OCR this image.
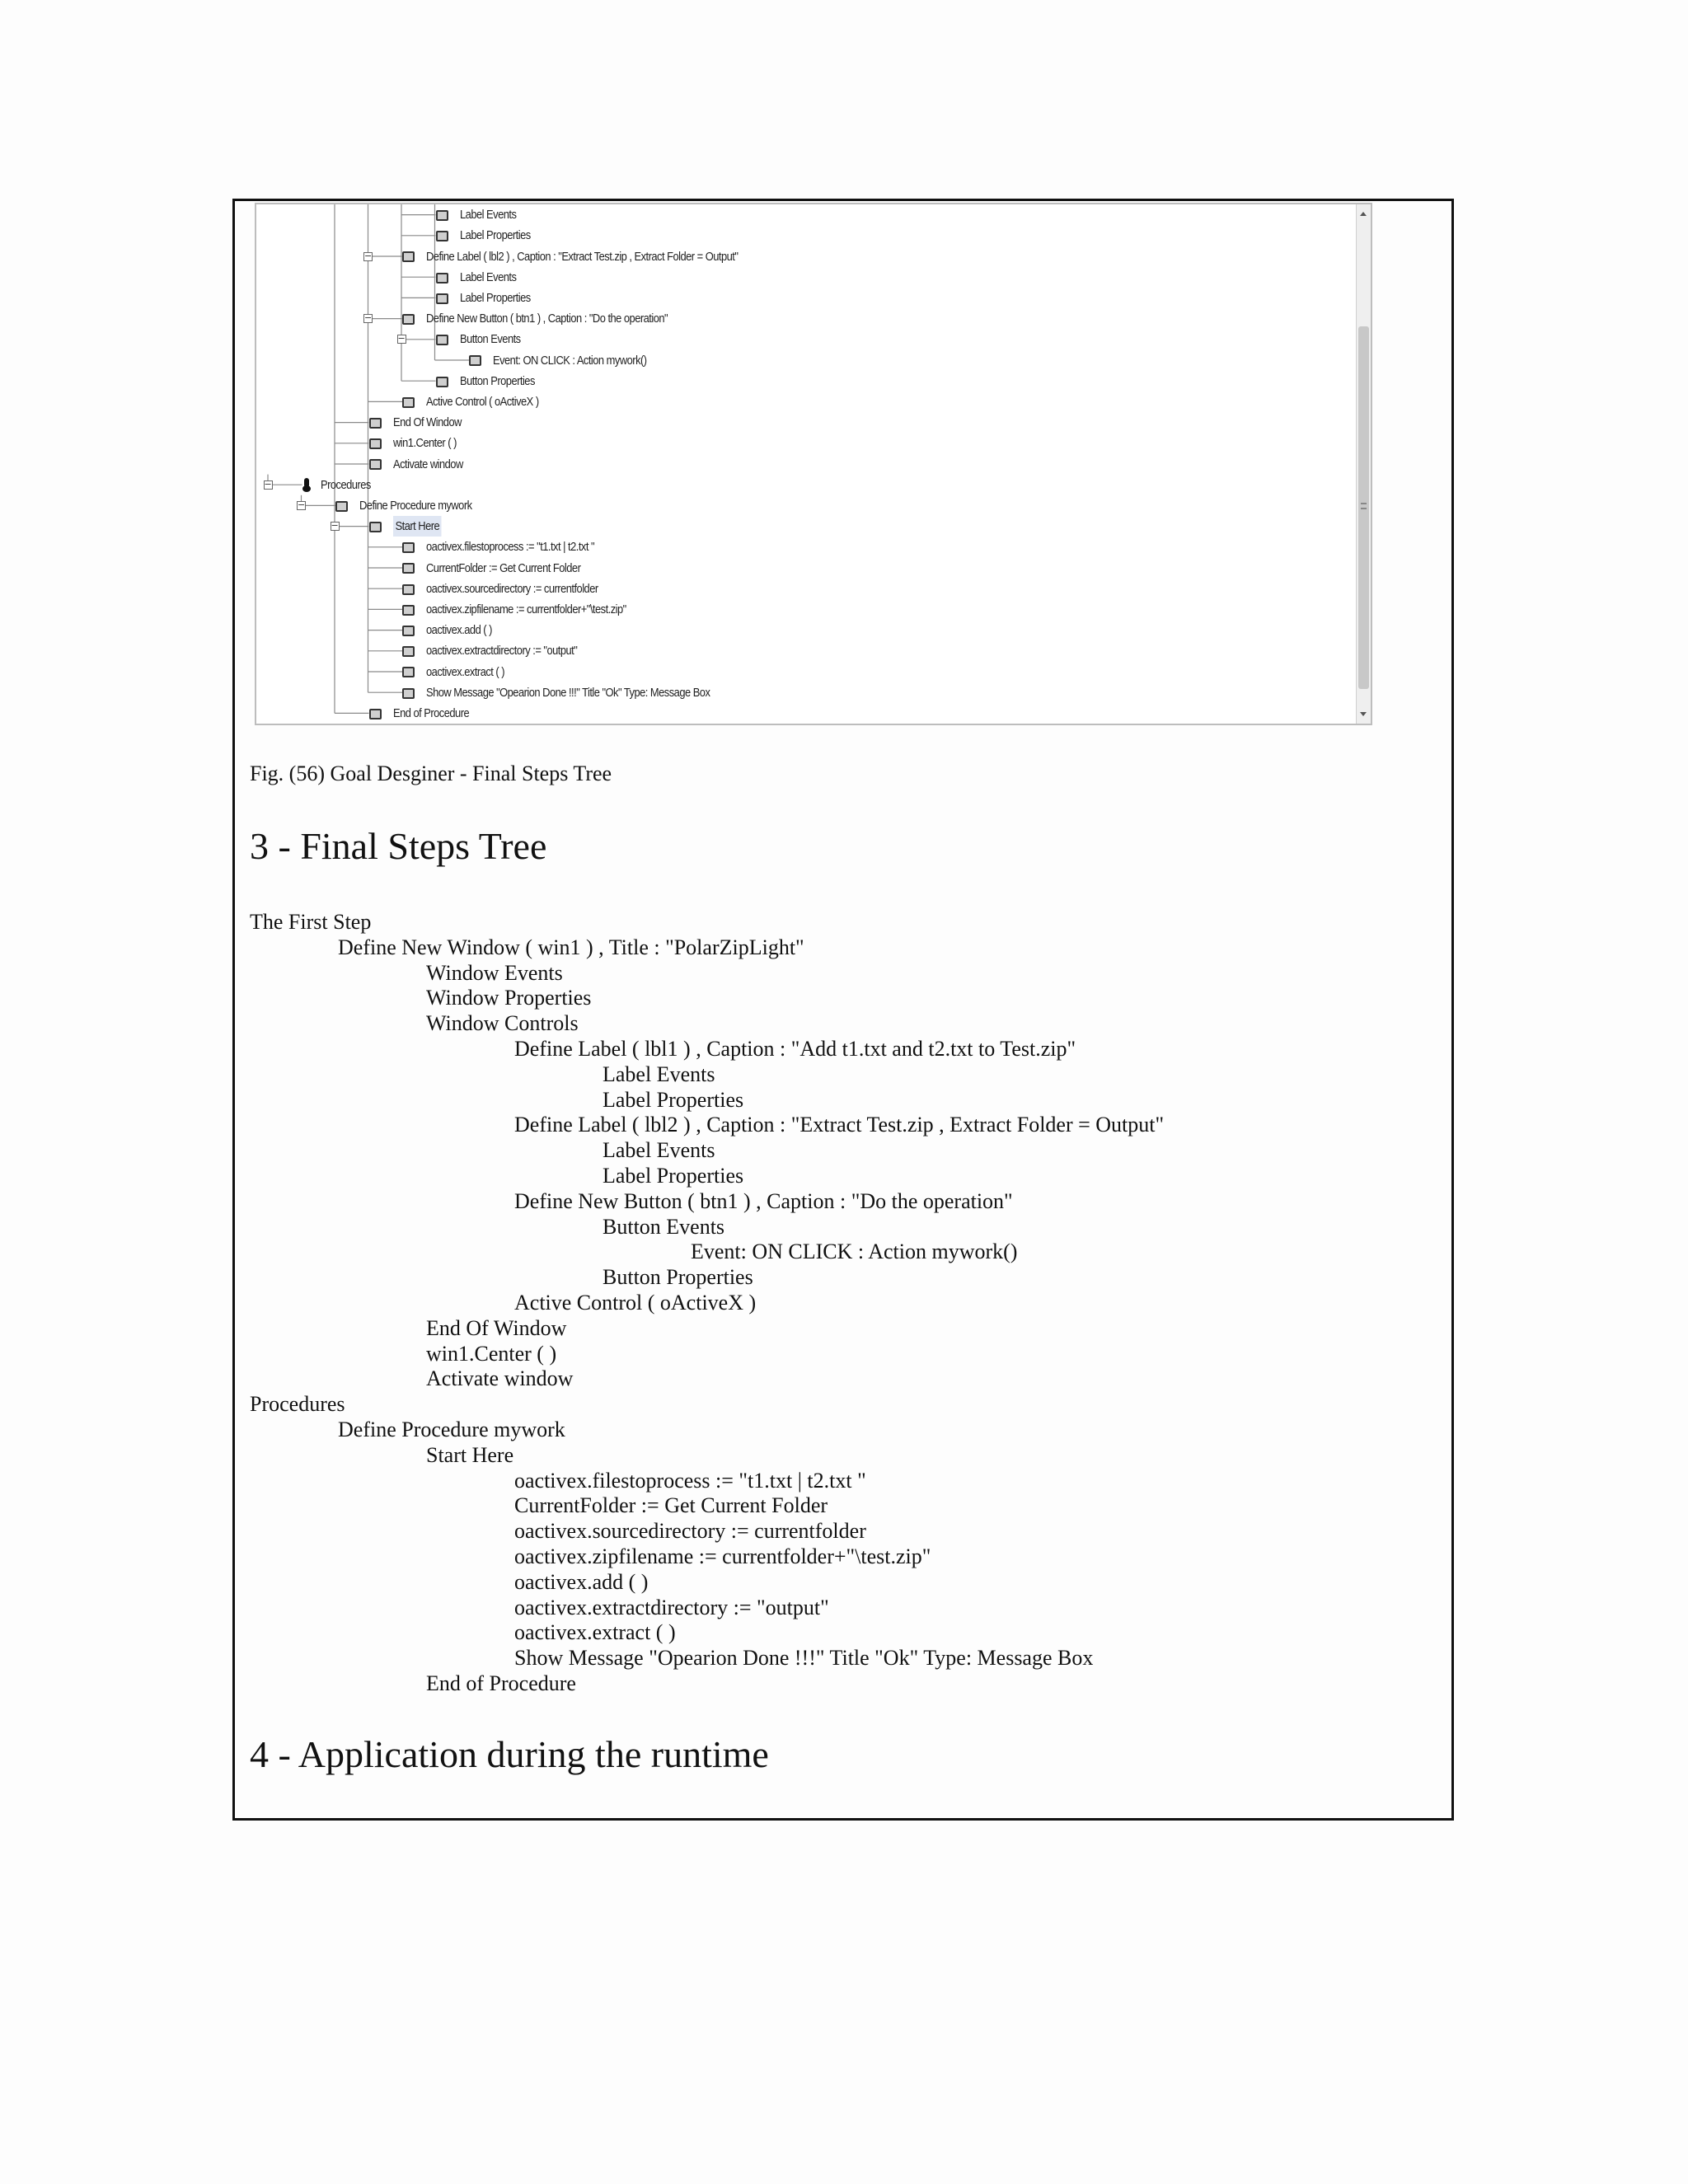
Label Events
Label Properties
Define Label ( lbl2 ) , Caption : "Extract Test.zip , Extract Folder = Output"
−
Label Events
Label Properties
Define New Button ( btn1 ) , Caption : "Do the operation"
−
Button Events
−
Event: ON CLICK : Action mywork()
Button Properties
Active Control ( oActiveX )
End Of Window
win1.Center ( )
Activate window
Procedures
−
Define Procedure mywork
−
Start Here
−
oactivex.filestoprocess := "t1.txt | t2.txt "
CurrentFolder := Get Current Folder
oactivex.sourcedirectory := currentfolder
oactivex.zipfilename := currentfolder+"\test.zip"
oactivex.add ( )
oactivex.extractdirectory := "output"
oactivex.extract ( )
Show Message "Opearion Done !!!" Title "Ok" Type: Message Box
End of Procedure
Fig. (56) Goal Desginer - Final Steps Tree
3 - Final Steps Tree
The First Step
Define New Window ( win1 ) , Title : "PolarZipLight"
Window Events
Window Properties
Window Controls
Define Label ( lbl1 ) , Caption : "Add t1.txt and t2.txt to Test.zip"
Label Events
Label Properties
Define Label ( lbl2 ) , Caption : "Extract Test.zip , Extract Folder = Output"
Label Events
Label Properties
Define New Button ( btn1 ) , Caption : "Do the operation"
Button Events
Event: ON CLICK : Action mywork()
Button Properties
Active Control ( oActiveX )
End Of Window
win1.Center ( )
Activate window
Procedures
Define Procedure mywork
Start Here
oactivex.filestoprocess := "t1.txt | t2.txt "
CurrentFolder := Get Current Folder
oactivex.sourcedirectory := currentfolder
oactivex.zipfilename := currentfolder+"\test.zip"
oactivex.add ( )
oactivex.extractdirectory := "output"
oactivex.extract ( )
Show Message "Opearion Done !!!" Title "Ok" Type: Message Box
End of Procedure
4 - Application during the runtime
